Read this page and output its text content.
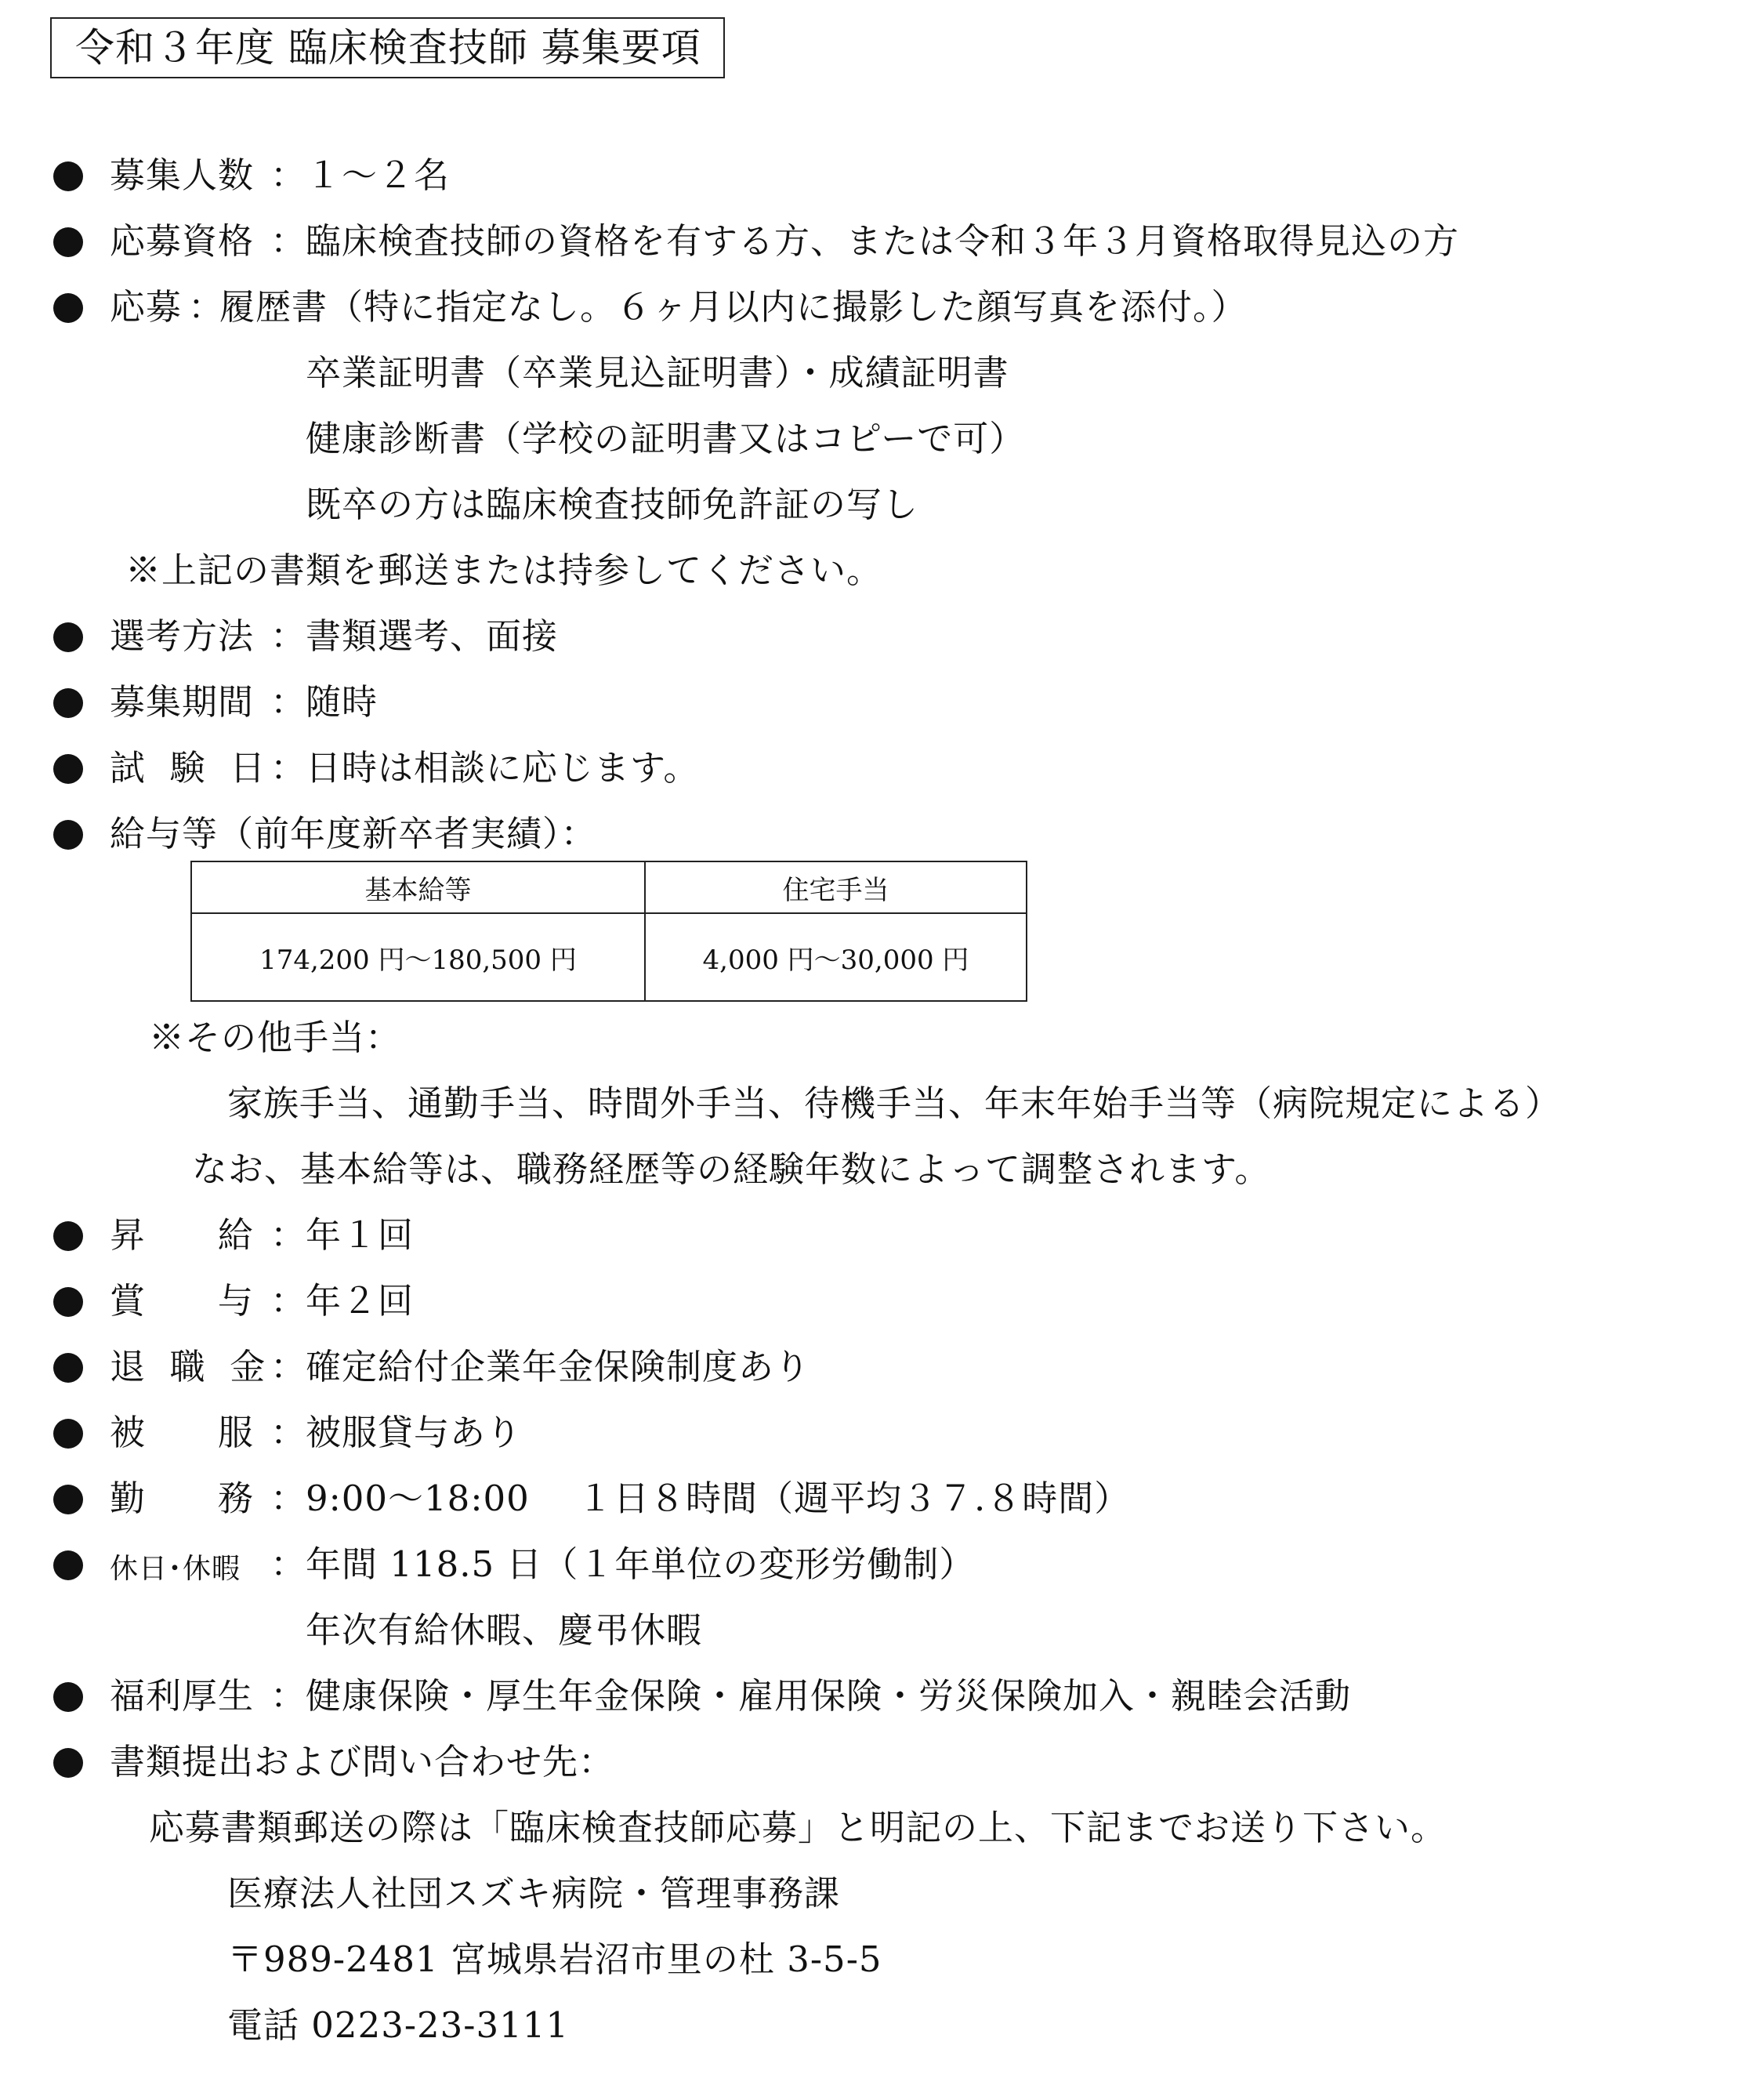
令和３年度 臨床検査技師 募集要項
募集人数 ：
１～２名
応募資格 ：
臨床検査技師の資格を有する方、または令和３年３月資格取得見込の方
応募 ：
履歴書（特に指定なし。６ヶ月以内に撮影した顔写真を添付。）
卒業証明書（卒業見込証明書）・成績証明書
健康診断書（学校の証明書又はコピーで可）
既卒の方は臨床検査技師免許証の写し
※上記の書類を郵送または持参してください。
選考方法 ：
書類選考、面接
募集期間 ：
随時
試  験  日 ：
日時は相談に応じます。
給与等（前年度新卒者実績）：
基本給等	住宅手当
174,200 円～180,500 円	4,000 円～30,000 円
※その他手当：
家族手当、通勤手当、時間外手当、待機手当、年末年始手当等（病院規定による）
なお、基本給等は、職務経歴等の経験年数によって調整されます。
昇      給 ：
年１回
賞      与 ：
年２回
退  職  金 ：
確定給付企業年金保険制度あり
被      服 ：
被服貸与あり
勤      務 ：
9:00～18:00    １日８時間（週平均３７.８時間）
休日･休暇 ：
年間 118.5 日（１年単位の変形労働制）
年次有給休暇、慶弔休暇
福利厚生 ：
健康保険・厚生年金保険・雇用保険・労災保険加入・親睦会活動
書類提出および問い合わせ先：
応募書類郵送の際は「臨床検査技師応募」と明記の上、下記までお送り下さい。
医療法人社団スズキ病院・管理事務課
〒989-2481 宮城県岩沼市里の杜 3-5-5
電話 0223-23-3111
